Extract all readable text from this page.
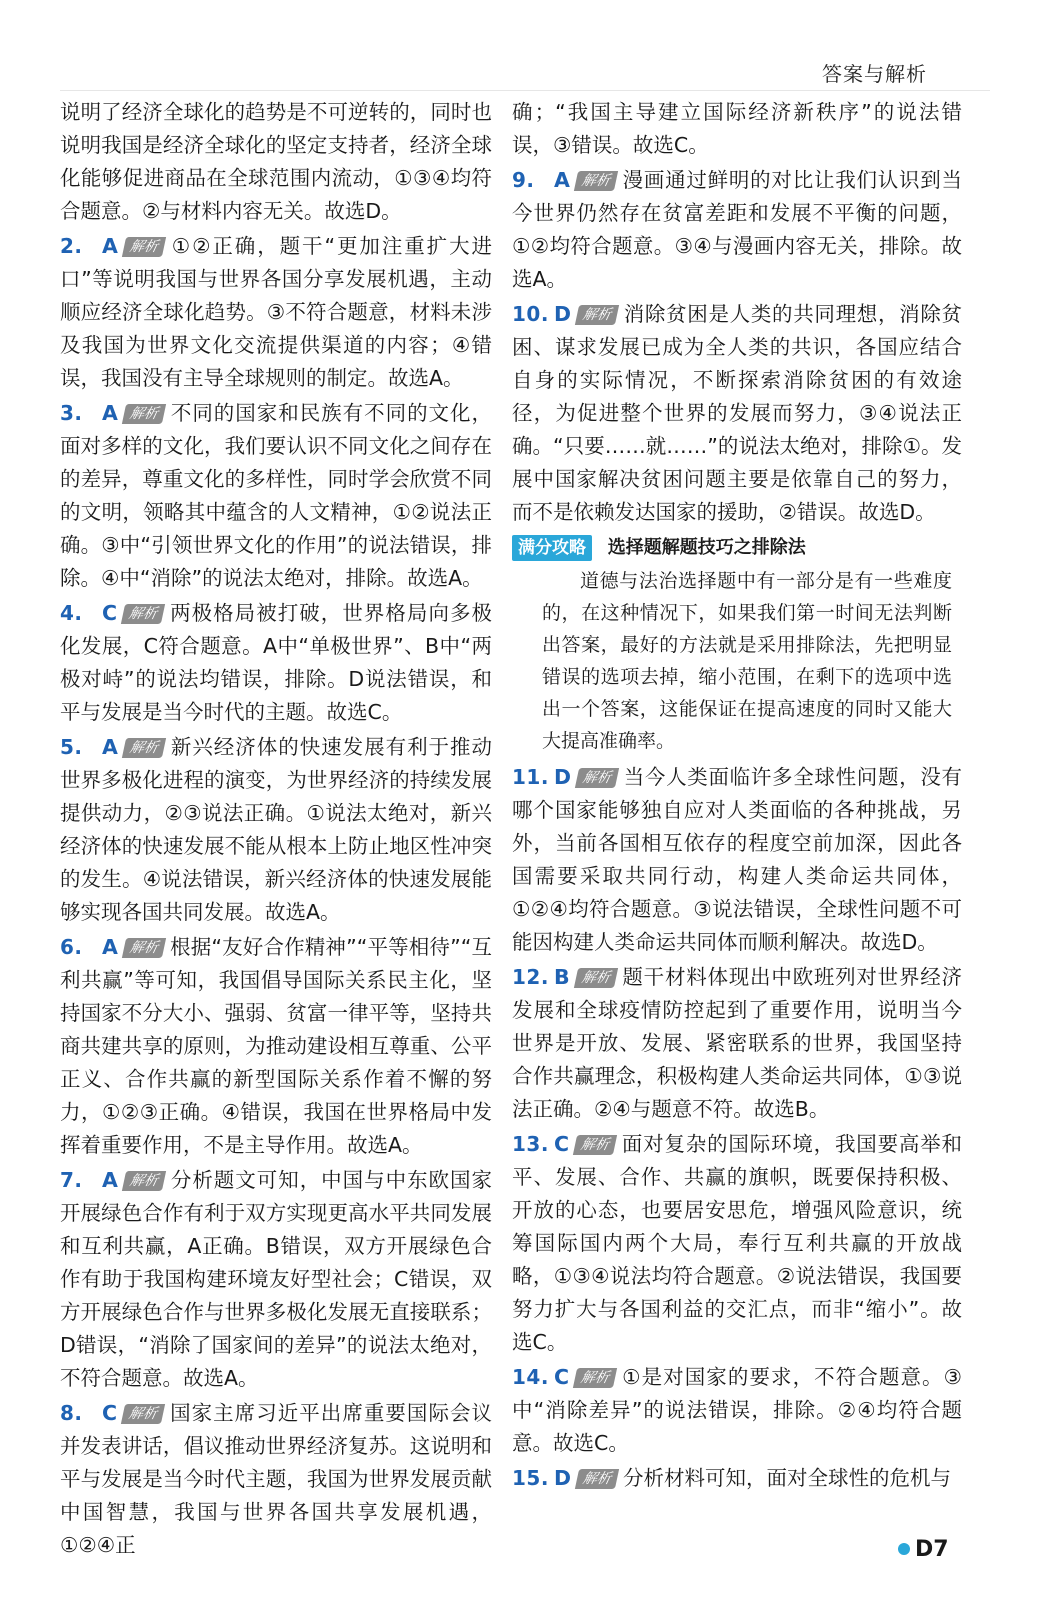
答案与解析
说明了经济全球化的趋势是不可逆转的，同时也说明我国是经济全球化的坚定支持者，经济全球化能够促进商品在全球范围内流动，①③④均符合题意。②与材料内容无关。故选D。
2. A 解析 ①②正确，题干“更加注重扩大进口”等说明我国与世界各国分享发展机遇，主动顺应经济全球化趋势。③不符合题意，材料未涉及我国为世界文化交流提供渠道的内容；④错误，我国没有主导全球规则的制定。故选A。
3. A 解析 不同的国家和民族有不同的文化，面对多样的文化，我们要认识不同文化之间存在的差异，尊重文化的多样性，同时学会欣赏不同的文明，领略其中蕴含的人文精神，①②说法正确。③中“引领世界文化的作用”的说法错误，排除。④中“消除”的说法太绝对，排除。故选A。
4. C 解析 两极格局被打破，世界格局向多极化发展，C符合题意。A中“单极世界”、B中“两极对峙”的说法均错误，排除。D说法错误，和平与发展是当今时代的主题。故选C。
5. A 解析 新兴经济体的快速发展有利于推动世界多极化进程的演变，为世界经济的持续发展提供动力，②③说法正确。①说法太绝对，新兴经济体的快速发展不能从根本上防止地区性冲突的发生。④说法错误，新兴经济体的快速发展能够实现各国共同发展。故选A。
6. A 解析 根据“友好合作精神”“平等相待”“互利共赢”等可知，我国倡导国际关系民主化，坚持国家不分大小、强弱、贫富一律平等，坚持共商共建共享的原则，为推动建设相互尊重、公平正义、合作共赢的新型国际关系作着不懈的努力，①②③正确。④错误，我国在世界格局中发挥着重要作用，不是主导作用。故选A。
7. A 解析 分析题文可知，中国与中东欧国家开展绿色合作有利于双方实现更高水平共同发展和互利共赢，A正确。B错误，双方开展绿色合作有助于我国构建环境友好型社会；C错误，双方开展绿色合作与世界多极化发展无直接联系；D错误，“消除了国家间的差异”的说法太绝对，不符合题意。故选A。
8. C 解析 国家主席习近平出席重要国际会议并发表讲话，倡议推动世界经济复苏。这说明和平与发展是当今时代主题，我国为世界发展贡献中国智慧，我国与世界各国共享发展机遇，①②④正
确；“我国主导建立国际经济新秩序”的说法错误，③错误。故选C。
9. A 解析 漫画通过鲜明的对比让我们认识到当今世界仍然存在贫富差距和发展不平衡的问题，①②均符合题意。③④与漫画内容无关，排除。故选A。
10. D 解析 消除贫困是人类的共同理想，消除贫困、谋求发展已成为全人类的共识，各国应结合自身的实际情况，不断探索消除贫困的有效途径，为促进整个世界的发展而努力，③④说法正确。“只要……就……”的说法太绝对，排除①。发展中国家解决贫困问题主要是依靠自己的努力，而不是依赖发达国家的援助，②错误。故选D。
满分攻略 选择题解题技巧之排除法
道德与法治选择题中有一部分是有一些难度的，在这种情况下，如果我们第一时间无法判断出答案，最好的方法就是采用排除法，先把明显错误的选项去掉，缩小范围，在剩下的选项中选出一个答案，这能保证在提高速度的同时又能大大提高准确率。
11. D 解析 当今人类面临许多全球性问题，没有哪个国家能够独自应对人类面临的各种挑战，另外，当前各国相互依存的程度空前加深，因此各国需要采取共同行动，构建人类命运共同体，①②④均符合题意。③说法错误，全球性问题不可能因构建人类命运共同体而顺利解决。故选D。
12. B 解析 题干材料体现出中欧班列对世界经济发展和全球疫情防控起到了重要作用，说明当今世界是开放、发展、紧密联系的世界，我国坚持合作共赢理念，积极构建人类命运共同体，①③说法正确。②④与题意不符。故选B。
13. C 解析 面对复杂的国际环境，我国要高举和平、发展、合作、共赢的旗帜，既要保持积极、开放的心态，也要居安思危，增强风险意识，统筹国际国内两个大局，奉行互利共赢的开放战略，①③④说法均符合题意。②说法错误，我国要努力扩大与各国利益的交汇点，而非“缩小”。故选C。
14. C 解析 ①是对国家的要求，不符合题意。③中“消除差异”的说法错误，排除。②④均符合题意。故选C。
15. D 解析 分析材料可知，面对全球性的危机与
D7
